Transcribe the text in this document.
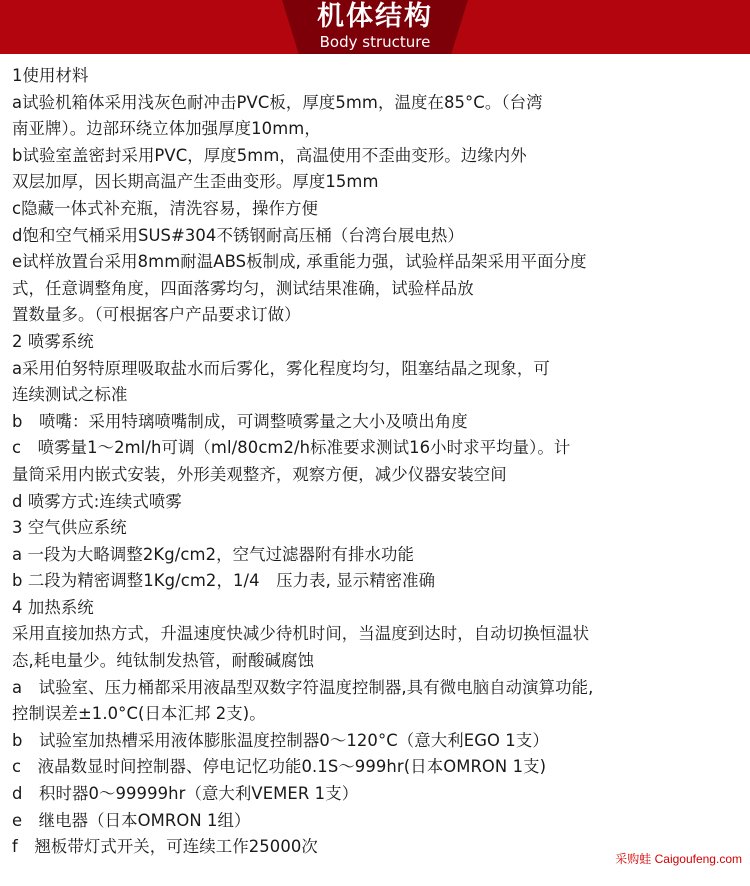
机体结构
Body structure
1使用材料
a试验机箱体采用浅灰色耐冲击PVC板，厚度5mm，温度在85°C。（台湾
南亚牌）。边部环绕立体加强厚度10mm，
b试验室盖密封采用PVC，厚度5mm，高温使用不歪曲变形。边缘内外
双层加厚，因长期高温产生歪曲变形。厚度15mm
c隐藏一体式补充瓶，清洗容易，操作方便
d饱和空气桶采用SUS#304不锈钢耐高压桶（台湾台展电热）
e试样放置台采用8mm耐温ABS板制成, 承重能力强，试验样品架采用平面分度
式，任意调整角度，四面落雾均匀，测试结果准确，试验样品放
置数量多。（可根据客户产品要求订做）
2 喷雾系统
a采用伯努特原理吸取盐水而后雾化，雾化程度均匀，阻塞结晶之现象，可
连续测试之标准
b　喷嘴：采用特璃喷嘴制成，可调整喷雾量之大小及喷出角度
c　喷雾量1～2ml/h可调（ml/80cm2/h标准要求测试16小时求平均量）。计
量筒采用内嵌式安装，外形美观整齐，观察方便，减少仪器安装空间
d 喷雾方式:连续式喷雾
3 空气供应系统
a 一段为大略调整2Kg/cm2，空气过滤器附有排水功能
b 二段为精密调整1Kg/cm2，1/4　压力表, 显示精密准确
4 加热系统
采用直接加热方式，升温速度快减少待机时间，当温度到达时，自动切换恒温状
态,耗电量少。纯钛制发热管，耐酸碱腐蚀
a　试验室、压力桶都采用液晶型双数字符温度控制器,具有微电脑自动演算功能,
控制误差±1.0°C(日本汇邦 2支)。
b　试验室加热槽采用液体膨胀温度控制器0～120°C（意大利EGO 1支）
c　液晶数显时间控制器、停电记忆功能0.1S～999hr(日本OMRON 1支)
d　积时器0～99999hr（意大利VEMER 1支）
e　继电器（日本OMRON 1组）
f　翘板带灯式开关，可连续工作25000次
采购蛙 Caigoufeng.com
